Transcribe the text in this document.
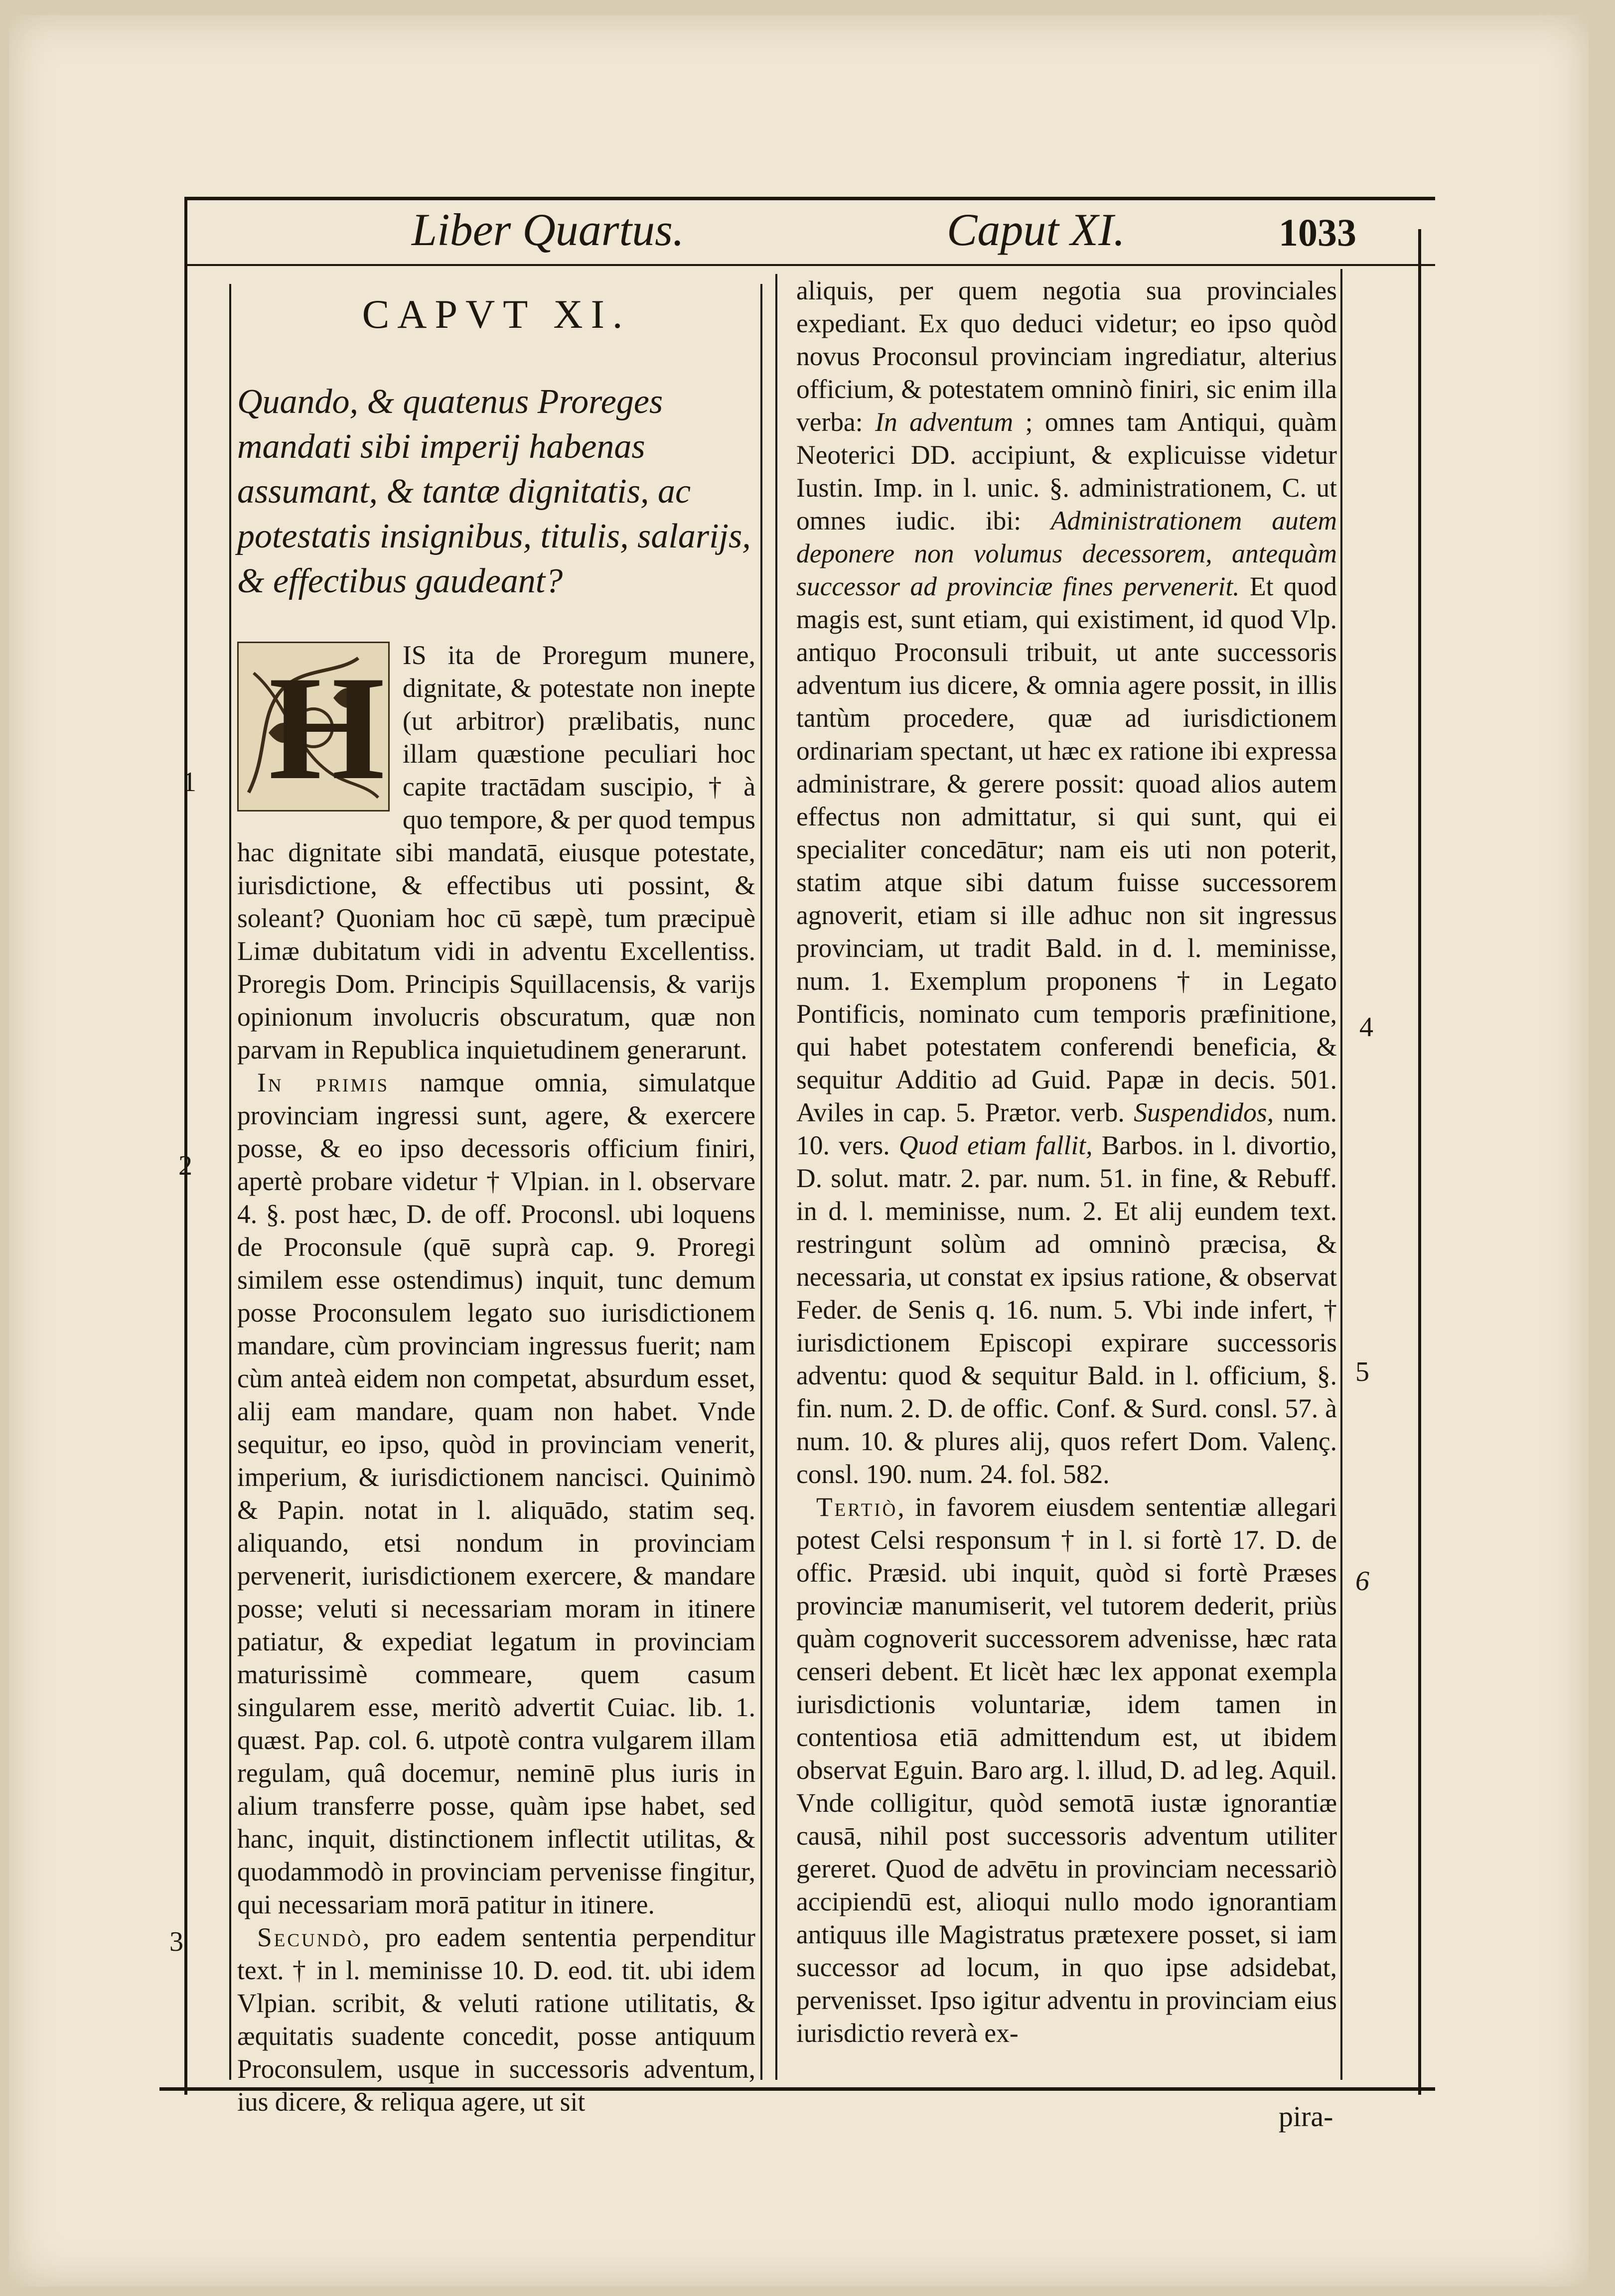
Liber Quartus.	Caput XI.	1033
CAPVT XI.
Quando, & quatenus Proreges mandati sibi imperij habenas assumant, & tantæ dignitatis, ac potestatis insignibus, titulis, salarijs, & effectibus gaudeant?
H IS ita de Proregum munere, dignitate, & potestate non inepte (ut arbitror) prælibatis, nunc illam quæstione peculiari hoc capite tractādam suscipio, † à quo tempore, & per quod tempus hac dignitate sibi mandatā, eiusque potestate, iurisdictione, & effectibus uti possint, & soleant? Quoniam hoc cū sæpè, tum præcipuè Limæ dubitatum vidi in adventu Excellentiss. Proregis Dom. Principis Squillacensis, & varijs opinionum involucris obscuratum, quæ non parvam in Republica inquietudinem generarunt.

In primis namque omnia, simulatque provinciam ingressi sunt, agere, & exercere posse, & eo ipso decessoris officium finiri, apertè probare videtur † Vlpian. in l. observare 4. §. post hæc, D. de off. Proconsl. ubi loquens de Proconsule (quē suprà cap. 9. Proregi similem esse ostendimus) inquit, tunc demum posse Proconsulem legato suo iurisdictionem mandare, cùm provinciam ingressus fuerit; nam cùm anteà eidem non competat, absurdum esset, alij eam mandare, quam non habet. Vnde sequitur, eo ipso, quòd in provinciam venerit, imperium, & iurisdictionem nancisci. Quinimò & Papin. notat in l. aliquādo, statim seq. aliquando, etsi nondum in provinciam pervenerit, iurisdictionem exercere, & mandare posse; veluti si necessariam moram in itinere patiatur, & expediat legatum in provinciam maturissimè commeare, quem casum singularem esse, meritò advertit Cuiac. lib. 1. quæst. Pap. col. 6. utpotè contra vulgarem illam regulam, quâ docemur, neminē plus iuris in alium transferre posse, quàm ipse habet, sed hanc, inquit, distinctionem inflectit utilitas, & quodammodò in provinciam pervenisse fingitur, qui necessariam morā patitur in itinere.

Secundò, pro eadem sententia perpenditur text. † in l. meminisse 10. D. eod. tit. ubi idem Vlpian. scribit, & veluti ratione utilitatis, & æquitatis suadente concedit, posse antiquum Proconsulem, usque in successoris adventum, ius dicere, & reliqua agere, ut sit

aliquis, per quem negotia sua provinciales expediant. Ex quo deduci videtur; eo ipso quòd novus Proconsul provinciam ingrediatur, alterius officium, & potestatem omninò finiri, sic enim illa verba: In adventum ; omnes tam Antiqui, quàm Neoterici DD. accipiunt, & explicuisse videtur Iustin. Imp. in l. unic. §. administrationem, C. ut omnes iudic. ibi: Administrationem autem deponere non volumus decessorem, antequàm successor ad provinciæ fines pervenerit. Et quod magis est, sunt etiam, qui existiment, id quod Vlp. antiquo Proconsuli tribuit, ut ante successoris adventum ius dicere, & omnia agere possit, in illis tantùm procedere, quæ ad iurisdictionem ordinariam spectant, ut hæc ex ratione ibi expressa administrare, & gerere possit: quoad alios autem effectus non admittatur, si qui sunt, qui ei specialiter concedātur; nam eis uti non poterit, statim atque sibi datum fuisse successorem agnoverit, etiam si ille adhuc non sit ingressus provinciam, ut tradit Bald. in d. l. meminisse, num. 1. Exemplum proponens † in Legato Pontificis, nominato cum temporis præfinitione, qui habet potestatem conferendi beneficia, & sequitur Additio ad Guid. Papæ in decis. 501. Aviles in cap. 5. Prætor. verb. Suspendidos, num. 10. vers. Quod etiam fallit, Barbos. in l. divortio, D. solut. matr. 2. par. num. 51. in fine, & Rebuff. in d. l. meminisse, num. 2. Et alij eundem text. restringunt solùm ad omninò præcisa, & necessaria, ut constat ex ipsius ratione, & observat Feder. de Senis q. 16. num. 5. Vbi inde infert, † iurisdictionem Episcopi expirare successoris adventu: quod & sequitur Bald. in l. officium, §. fin. num. 2. D. de offic. Conf. & Surd. consl. 57. à num. 10. & plures alij, quos refert Dom. Valenç. consl. 190. num. 24. fol. 582.

Tertiò, in favorem eiusdem sententiæ allegari potest Celsi responsum † in l. si fortè 17. D. de offic. Præsid. ubi inquit, quòd si fortè Præses provinciæ manumiserit, vel tutorem dederit, priùs quàm cognoverit successorem advenisse, hæc rata censeri debent. Et licèt hæc lex apponat exempla iurisdictionis voluntariæ, idem tamen in contentiosa etiā admittendum est, ut ibidem observat Eguin. Baro arg. l. illud, D. ad leg. Aquil. Vnde colligitur, quòd semotā iustæ ignorantiæ causā, nihil post successoris adventum utiliter gereret. Quod de advētu in provinciam necessariò accipiendū est, alioqui nullo modo ignorantiam antiquus ille Magistratus prætexere posset, si iam successor ad locum, in quo ipse adsidebat, pervenisset. Ipso igitur adventu in provinciam eius iurisdictio reverà ex-

1
2
3
4
5
6
pira-
